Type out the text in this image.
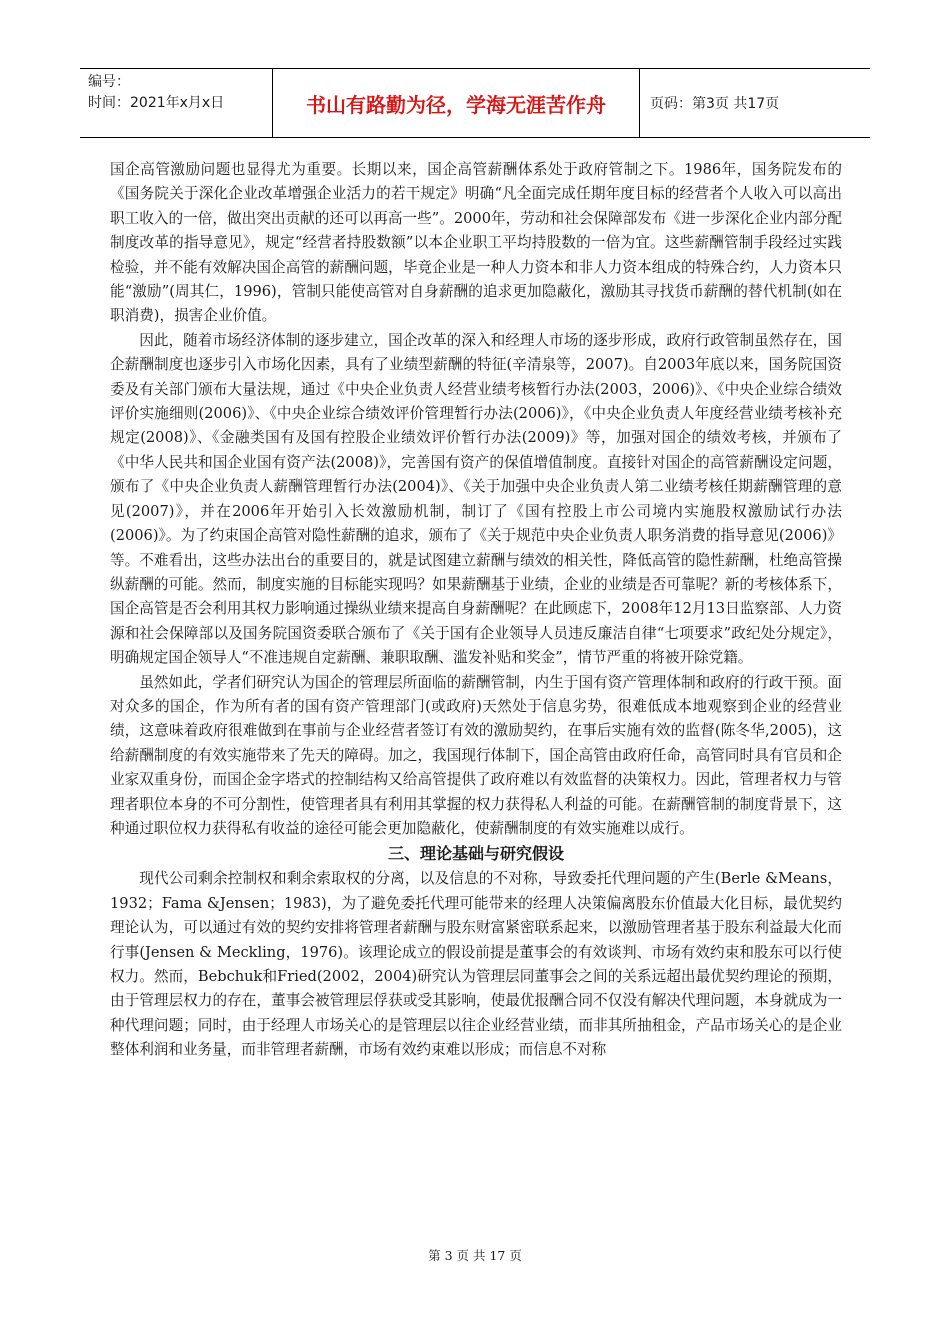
编号：
时间：2021年x月x日	书山有路勤为径，学海无涯苦作舟	页码：第3页 共17页

国企高管激励问题也显得尤为重要。长期以来，国企高管薪酬体系处于政府管制之下。1986年，国务院发布的《国务院关于深化企业改革增强企业活力的若干规定》明确“凡全面完成任期年度目标的经营者个人收入可以高出职工收入的一倍，做出突出贡献的还可以再高一些”。2000年，劳动和社会保障部发布《进一步深化企业内部分配制度改革的指导意见》，规定“经营者持股数额”以本企业职工平均持股数的一倍为宜。这些薪酬管制手段经过实践检验，并不能有效解决国企高管的薪酬问题，毕竟企业是一种人力资本和非人力资本组成的特殊合约，人力资本只能“激励”(周其仁，1996)，管制只能使高管对自身薪酬的追求更加隐蔽化，激励其寻找货币薪酬的替代机制(如在职消费)，损害企业价值。

因此，随着市场经济体制的逐步建立，国企改革的深入和经理人市场的逐步形成，政府行政管制虽然存在，国企薪酬制度也逐步引入市场化因素，具有了业绩型薪酬的特征(辛清泉等，2007)。自2003年底以来，国务院国资委及有关部门颁布大量法规，通过《中央企业负责人经营业绩考核暂行办法(2003，2006)》、《中央企业综合绩效评价实施细则(2006)》、《中央企业综合绩效评价管理暂行办法(2006)》，《中央企业负责人年度经营业绩考核补充规定(2008)》、《金融类国有及国有控股企业绩效评价暂行办法(2009)》等，加强对国企的绩效考核，并颁布了《中华人民共和国企业国有资产法(2008)》，完善国有资产的保值增值制度。直接针对国企的高管薪酬设定问题，颁布了《中央企业负责人薪酬管理暂行办法(2004)》、《关于加强中央企业负责人第二业绩考核任期薪酬管理的意见(2007)》，并在2006年开始引入长效激励机制，制订了《国有控股上市公司境内实施股权激励试行办法(2006)》。为了约束国企高管对隐性薪酬的追求，颁布了《关于规范中央企业负责人职务消费的指导意见(2006)》等。不难看出，这些办法出台的重要目的，就是试图建立薪酬与绩效的相关性，降低高管的隐性薪酬，杜绝高管操纵薪酬的可能。然而，制度实施的目标能实现吗？如果薪酬基于业绩，企业的业绩是否可靠呢？新的考核体系下，国企高管是否会利用其权力影响通过操纵业绩来提高自身薪酬呢？在此顾虑下，2008年12月13日监察部、人力资源和社会保障部以及国务院国资委联合颁布了《关于国有企业领导人员违反廉洁自律“七项要求”政纪处分规定》，明确规定国企领导人“不准违规自定薪酬、兼职取酬、滥发补贴和奖金”，情节严重的将被开除党籍。

虽然如此，学者们研究认为国企的管理层所面临的薪酬管制，内生于国有资产管理体制和政府的行政干预。面对众多的国企，作为所有者的国有资产管理部门(或政府)天然处于信息劣势，很难低成本地观察到企业的经营业绩，这意味着政府很难做到在事前与企业经营者签订有效的激励契约，在事后实施有效的监督(陈冬华,2005)，这给薪酬制度的有效实施带来了先天的障碍。加之，我国现行体制下，国企高管由政府任命，高管同时具有官员和企业家双重身份，而国企金字塔式的控制结构又给高管提供了政府难以有效监督的决策权力。因此，管理者权力与管理者职位本身的不可分割性，使管理者具有利用其掌握的权力获得私人利益的可能。在薪酬管制的制度背景下，这种通过职位权力获得私有收益的途径可能会更加隐蔽化，使薪酬制度的有效实施难以成行。

三、理论基础与研究假设

现代公司剩余控制权和剩余索取权的分离，以及信息的不对称，导致委托代理问题的产生(Berle &Means，1932；Fama &Jensen；1983)，为了避免委托代理可能带来的经理人决策偏离股东价值最大化目标，最优契约理论认为，可以通过有效的契约安排将管理者薪酬与股东财富紧密联系起来，以激励管理者基于股东利益最大化而行事(Jensen & Meckling，1976)。该理论成立的假设前提是董事会的有效谈判、市场有效约束和股东可以行使权力。然而，Bebchuk和Fried(2002，2004)研究认为管理层同董事会之间的关系远超出最优契约理论的预期，由于管理层权力的存在，董事会被管理层俘获或受其影响，使最优报酬合同不仅没有解决代理问题，本身就成为一种代理问题；同时，由于经理人市场关心的是管理层以往企业经营业绩，而非其所抽租金，产品市场关心的是企业整体利润和业务量，而非管理者薪酬，市场有效约束难以形成；而信息不对称

第 3 页 共 17 页
